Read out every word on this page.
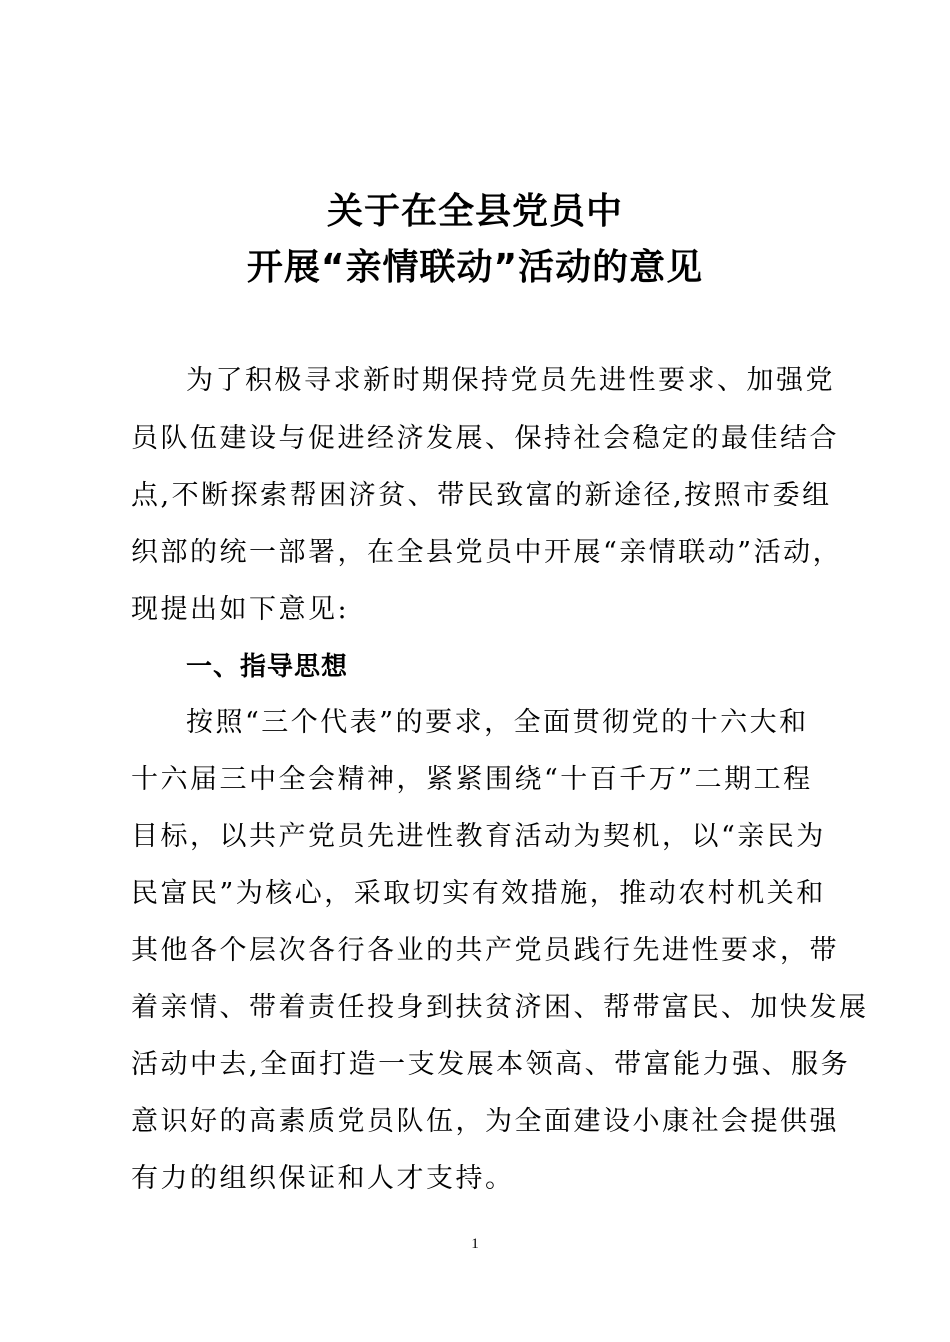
关于在全县党员中
开展“亲情联动”活动的意见
为了积极寻求新时期保持党员先进性要求、加强党
员队伍建设与促进经济发展、保持社会稳定的最佳结合
点,不断探索帮困济贫、带民致富的新途径,按照市委组
织部的统一部署，在全县党员中开展“亲情联动”活动，
现提出如下意见:
一、指导思想
按照“三个代表”的要求，全面贯彻党的十六大和
十六届三中全会精神，紧紧围绕“十百千万”二期工程
目标，以共产党员先进性教育活动为契机，以“亲民为
民富民”为核心，采取切实有效措施，推动农村机关和
其他各个层次各行各业的共产党员践行先进性要求，带
着亲情、带着责任投身到扶贫济困、帮带富民、加快发展
活动中去,全面打造一支发展本领高、带富能力强、服务
意识好的高素质党员队伍，为全面建设小康社会提供强
有力的组织保证和人才支持。
1
